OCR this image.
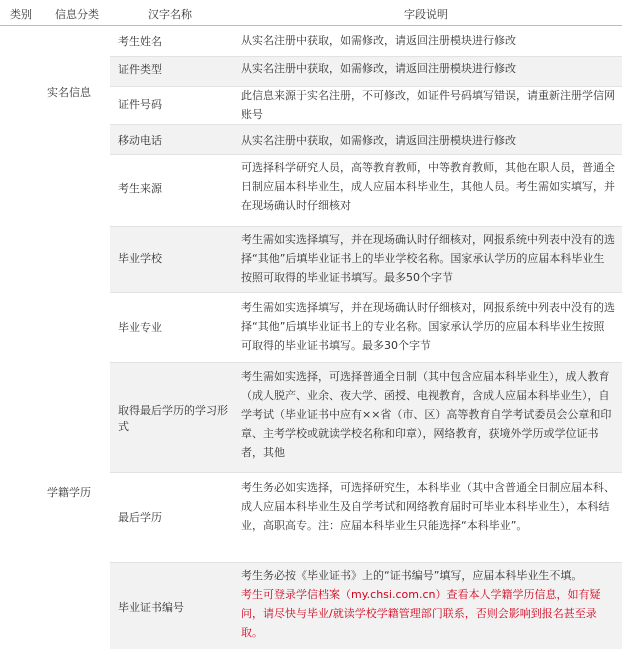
类别 信息分类	汉字名称	字段说明
实名信息
学籍学历
考生姓名
证件类型
证件号码
移动电话
考生来源
毕业学校
毕业专业
取得最后学历的学习形式
最后学历
毕业证书编号
从实名注册中获取，如需修改，请返回注册模块进行修改
从实名注册中获取，如需修改，请返回注册模块进行修改
此信息来源于实名注册，不可修改，如证件号码填写错误，请重新注册学信网账号
从实名注册中获取，如需修改，请返回注册模块进行修改
可选择科学研究人员，高等教育教师，中等教育教师，其他在职人员，普通全日制应届本科毕业生，成人应届本科毕业生，其他人员。考生需如实填写，并在现场确认时仔细核对
考生需如实选择填写，并在现场确认时仔细核对，网报系统中列表中没有的选择“其他”后填毕业证书上的毕业学校名称。国家承认学历的应届本科毕业生按照可取得的毕业证书填写。最多50个字节
考生需如实选择填写，并在现场确认时仔细核对，网报系统中列表中没有的选择“其他”后填毕业证书上的专业名称。国家承认学历的应届本科毕业生按照可取得的毕业证书填写。最多30个字节
考生需如实选择，可选择普通全日制（其中包含应届本科毕业生），成人教育（成人脱产、业余、夜大学、函授、电视教育，含成人应届本科毕业生），自学考试（毕业证书中应有××省（市、区）高等教育自学考试委员会公章和印章、主考学校或就读学校名称和印章），网络教育，获境外学历或学位证书者，其他
考生务必如实选择，可选择研究生，本科毕业（其中含普通全日制应届本科、成人应届本科毕业生及自学考试和网络教育届时可毕业本科毕业生），本科结业，高职高专。注：应届本科毕业生只能选择“本科毕业”。
考生务必按《毕业证书》上的“证书编号”填写，应届本科毕业生不填。
考生可登录学信档案（my.chsi.com.cn）查看本人学籍学历信息，如有疑问，请尽快与毕业/就读学校学籍管理部门联系，否则会影响到报名甚至录取。
